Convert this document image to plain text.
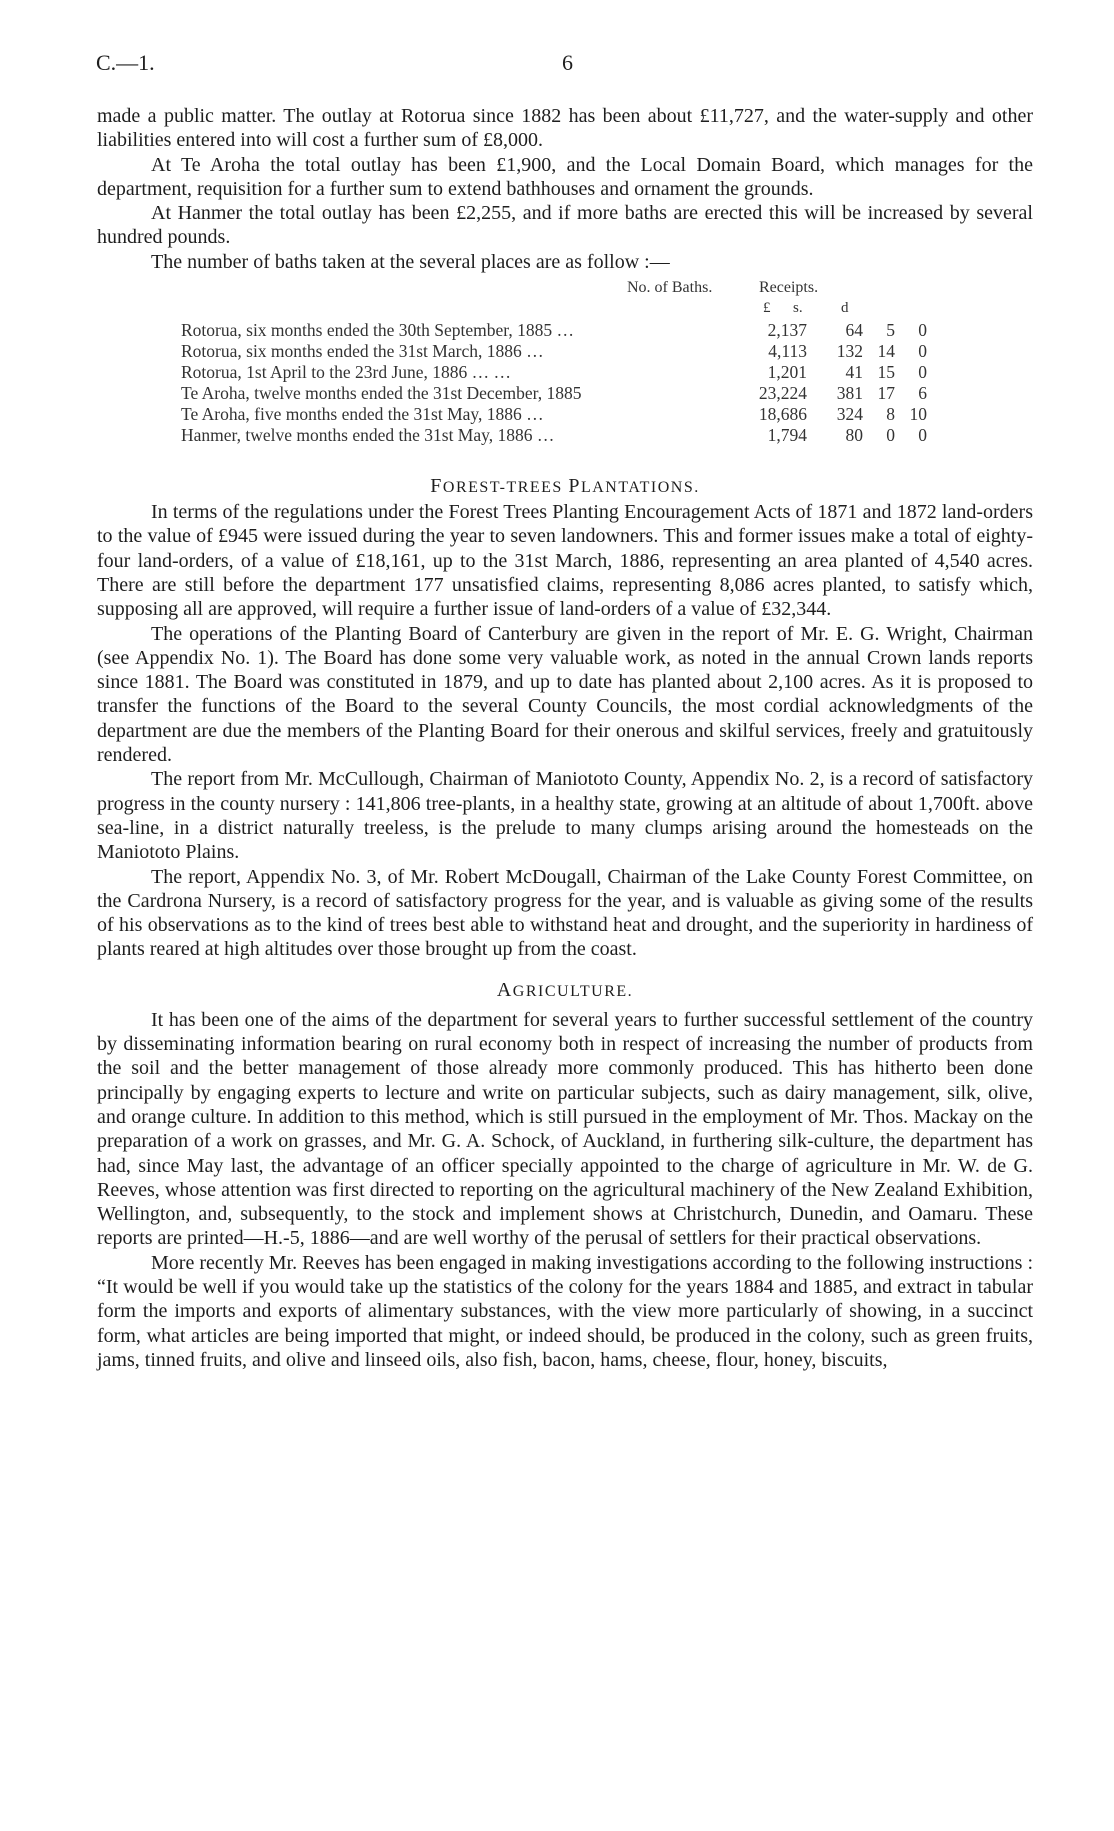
C.—1.	6

made a public matter. The outlay at Rotorua since 1882 has been about £11,727, and the water-supply and other liabilities entered into will cost a further sum of £8,000.

At Te Aroha the total outlay has been £1,900, and the Local Domain Board, which manages for the department, requisition for a further sum to extend bathhouses and ornament the grounds.

At Hanmer the total outlay has been £2,255, and if more baths are erected this will be increased by several hundred pounds.

The number of baths taken at the several places are as follow :—

No. of Baths.	Receipts.
£ s.	d
Rotorua, six months ended the 30th September, 1885 …	2,137	64	5	0
Rotorua, six months ended the 31st March, 1886 …	4,113	132 14	0
Rotorua, 1st April to the 23rd June, 1886 … …	1,201	41 15	0
Te Aroha, twelve months ended the 31st December, 1885	23,224	381 17	6
Te Aroha, five months ended the 31st May, 1886 …	18,686	324	8 10
Hanmer, twelve months ended the 31st May, 1886 …	1,794	80	0	0
FOREST-TREES PLANTATIONS.

In terms of the regulations under the Forest Trees Planting Encouragement Acts of 1871 and 1872 land-orders to the value of £945 were issued during the year to seven landowners. This and former issues make a total of eighty-four land-orders, of a value of £18,161, up to the 31st March, 1886, representing an area planted of 4,540 acres. There are still before the department 177 unsatisfied claims, representing 8,086 acres planted, to satisfy which, supposing all are approved, will require a further issue of land-orders of a value of £32,344.

The operations of the Planting Board of Canterbury are given in the report of Mr. E. G. Wright, Chairman (see Appendix No. 1). The Board has done some very valuable work, as noted in the annual Crown lands reports since 1881. The Board was constituted in 1879, and up to date has planted about 2,100 acres. As it is proposed to transfer the functions of the Board to the several County Councils, the most cordial acknowledgments of the department are due the members of the Planting Board for their onerous and skilful services, freely and gratuitously rendered.

The report from Mr. McCullough, Chairman of Maniototo County, Appendix No. 2, is a record of satisfactory progress in the county nursery : 141,806 tree-plants, in a healthy state, growing at an altitude of about 1,700ft. above sea-line, in a district naturally treeless, is the prelude to many clumps arising around the homesteads on the Maniototo Plains.

The report, Appendix No. 3, of Mr. Robert McDougall, Chairman of the Lake County Forest Committee, on the Cardrona Nursery, is a record of satisfactory progress for the year, and is valuable as giving some of the results of his observations as to the kind of trees best able to withstand heat and drought, and the superiority in hardiness of plants reared at high altitudes over those brought up from the coast.

AGRICULTURE.

It has been one of the aims of the department for several years to further successful settlement of the country by disseminating information bearing on rural economy both in respect of increasing the number of products from the soil and the better management of those already more commonly produced. This has hitherto been done principally by engaging experts to lecture and write on particular subjects, such as dairy management, silk, olive, and orange culture. In addition to this method, which is still pursued in the employment of Mr. Thos. Mackay on the preparation of a work on grasses, and Mr. G. A. Schock, of Auckland, in furthering silk-culture, the department has had, since May last, the advantage of an officer specially appointed to the charge of agriculture in Mr. W. de G. Reeves, whose attention was first directed to reporting on the agricultural machinery of the New Zealand Exhibition, Wellington, and, subsequently, to the stock and implement shows at Christchurch, Dunedin, and Oamaru. These reports are printed—H.-5, 1886—and are well worthy of the perusal of settlers for their practical observations.

More recently Mr. Reeves has been engaged in making investigations according to the following instructions : “It would be well if you would take up the statistics of the colony for the years 1884 and 1885, and extract in tabular form the imports and exports of alimentary substances, with the view more particularly of showing, in a succinct form, what articles are being imported that might, or indeed should, be produced in the colony, such as green fruits, jams, tinned fruits, and olive and linseed oils, also fish, bacon, hams, cheese, flour, honey, biscuits,
